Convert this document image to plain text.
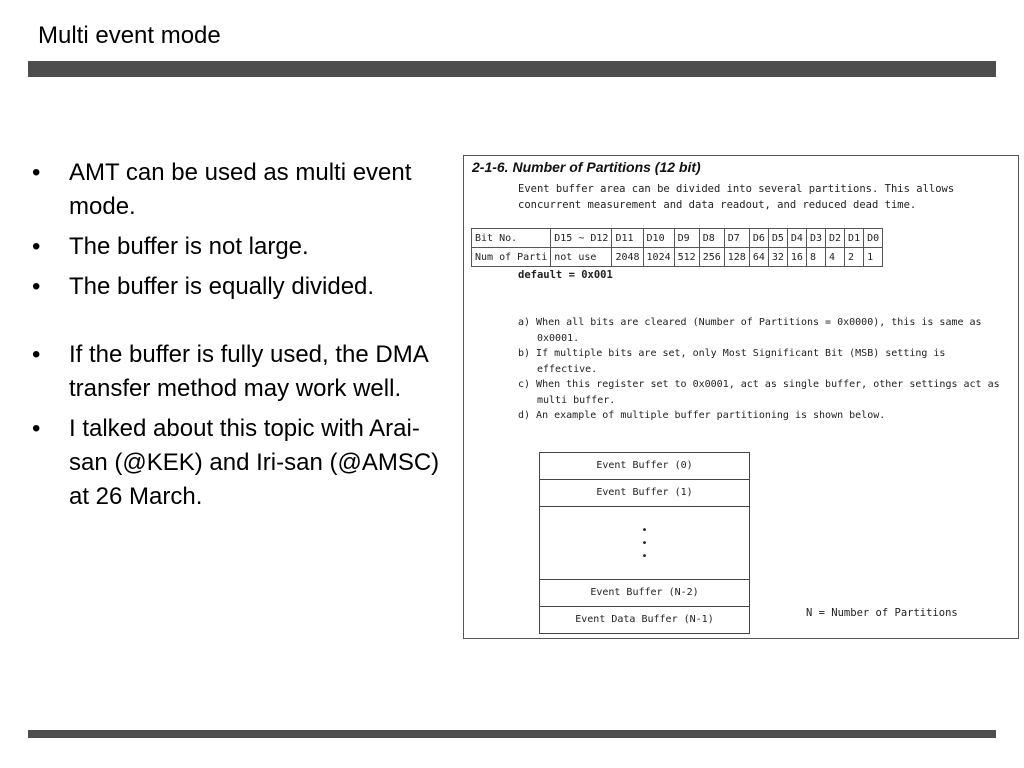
Multi event mode
• AMT can be used as multi event mode.
• The buffer is not large.
• The buffer is equally divided.
• If the buffer is fully used, the DMA transfer method may work well.
• I talked about this topic with Arai-san (@KEK) and Iri-san (@AMSC) at 26 March.
2-1-6. Number of Partitions (12 bit)
Event buffer area can be divided into several partitions. This allows concurrent measurement and data readout, and reduced dead time.
Bit No.	D15 ~ D12	D11	D10	D9	D8	D7	D6	D5	D4	D3	D2	D1	D0
Num of Parti	not use	2048	1024	512	256	128	64	32	16	8	4	2	1
default = 0x001
a) When all bits are cleared (Number of Partitions = 0x0000), this is same as 0x0001.
b) If multiple bits are set, only Most Significant Bit (MSB) setting is effective.
c) When this register set to 0x0001, act as single buffer, other settings act as multi buffer.
d) An example of multiple buffer partitioning is shown below.
Event Buffer (0)
Event Buffer (1)
•
•
•
Event Buffer (N-2)
Event Data Buffer (N-1)
N = Number of Partitions
